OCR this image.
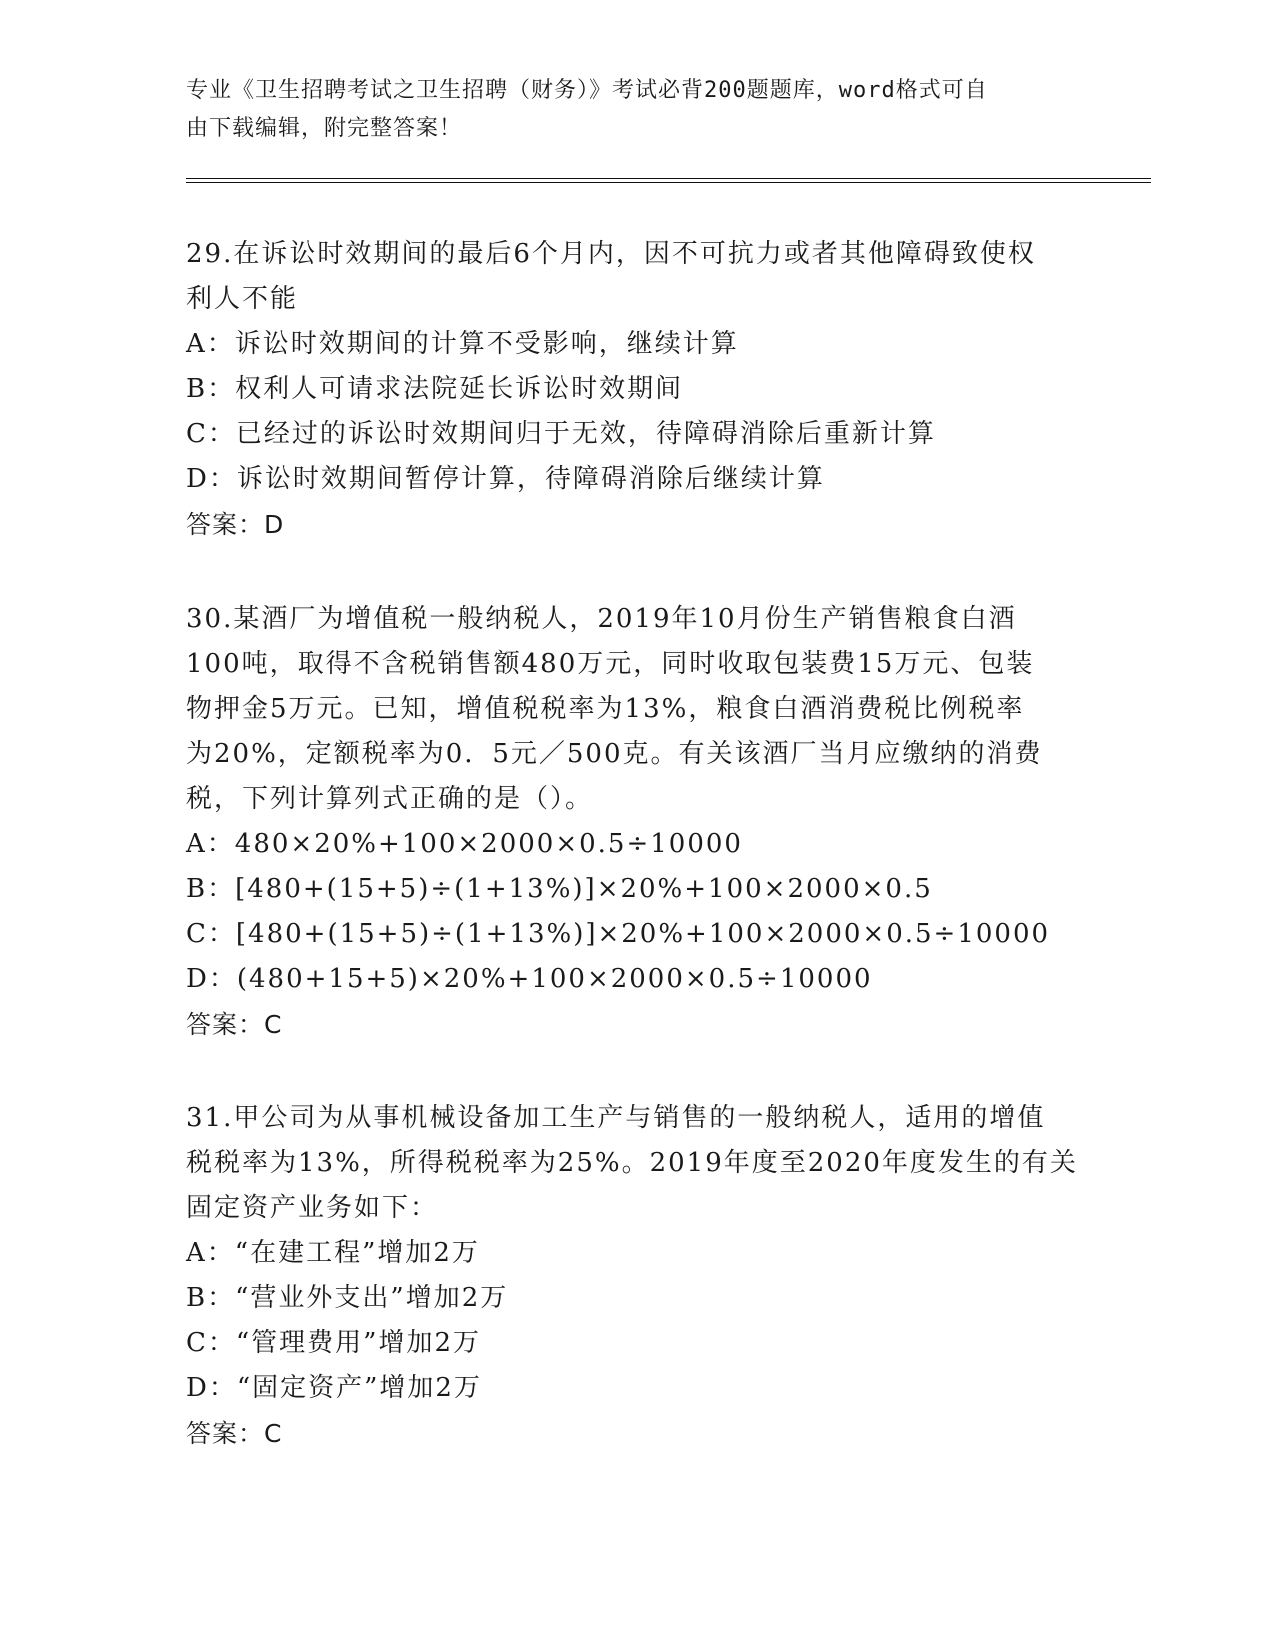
专业《卫生招聘考试之卫生招聘（财务）》考试必背200题题库，word格式可自
由下载编辑，附完整答案！

29.在诉讼时效期间的最后6个月内，因不可抗力或者其他障碍致使权

利人不能

A：诉讼时效期间的计算不受影响，继续计算

B：权利人可请求法院延长诉讼时效期间

C：已经过的诉讼时效期间归于无效，待障碍消除后重新计算

D：诉讼时效期间暂停计算，待障碍消除后继续计算

答案：D

30.某酒厂为增值税一般纳税人，2019年10月份生产销售粮食白酒

100吨，取得不含税销售额480万元，同时收取包装费15万元、包装

物押金5万元。已知，增值税税率为13%，粮食白酒消费税比例税率

为20%，定额税率为0．5元／500克。有关该酒厂当月应缴纳的消费

税，下列计算列式正确的是（）。

A：480×20%+100×2000×0.5÷10000

B：[480+(15+5)÷(1+13%)]×20%+100×2000×0.5

C：[480+(15+5)÷(1+13%)]×20%+100×2000×0.5÷10000

D：(480+15+5)×20%+100×2000×0.5÷10000

答案：C

31.甲公司为从事机械设备加工生产与销售的一般纳税人，适用的增值

税税率为13%，所得税税率为25%。2019年度至2020年度发生的有关

固定资产业务如下：

A：“在建工程”增加2万

B：“营业外支出”增加2万

C：“管理费用”增加2万

D：“固定资产”增加2万

答案：C
